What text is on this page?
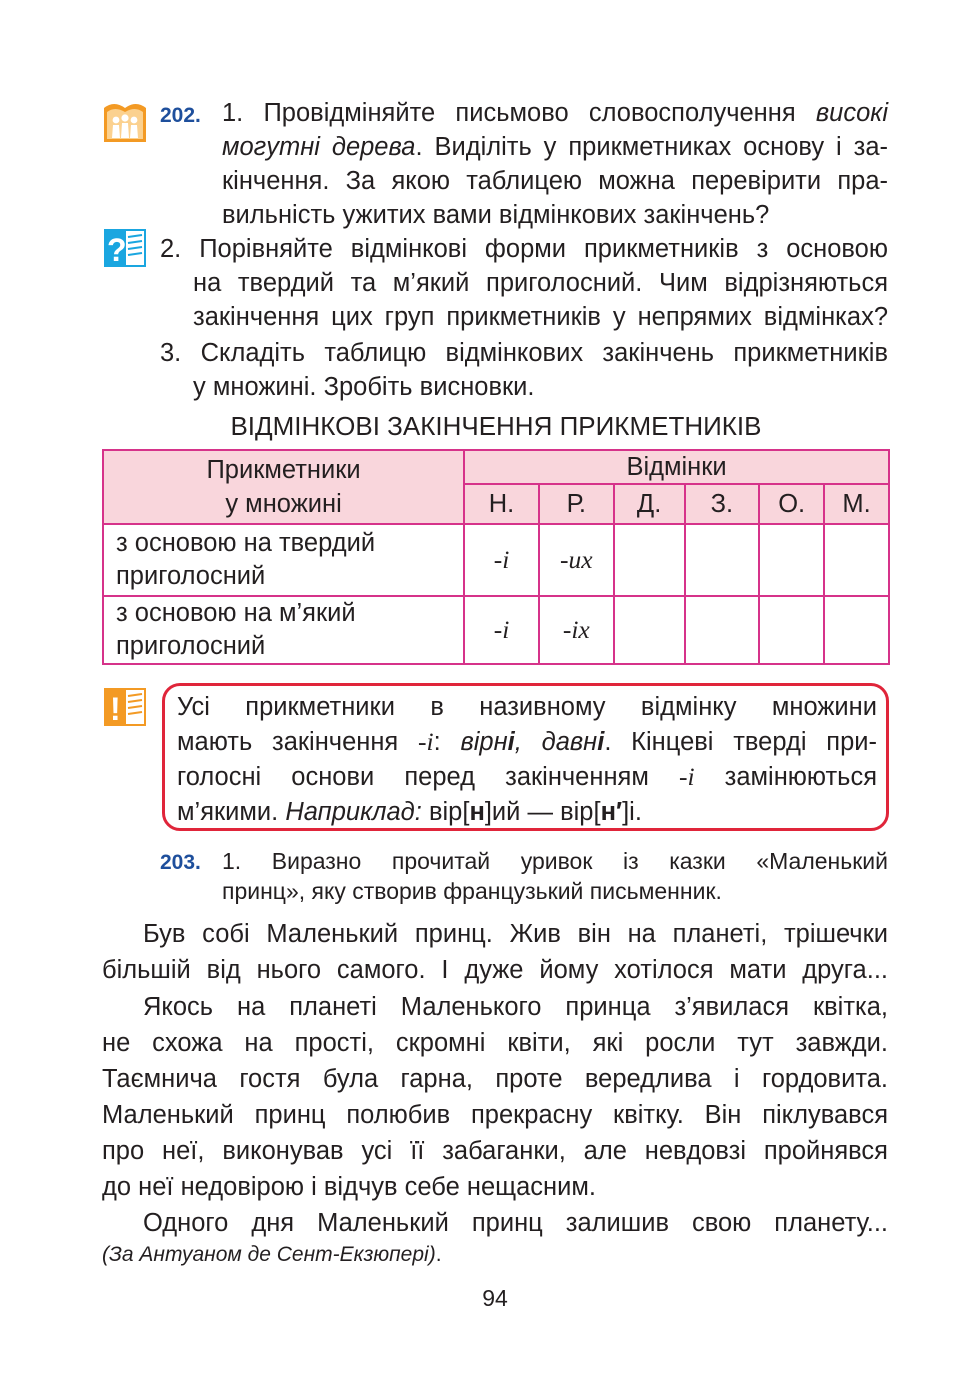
?
!
202. 1. Провідміняйте письмово словосполучення високі
могутні дерева. Виділіть у прикметниках основу і за-
кінчення. За якою таблицею можна перевірити пра-
вильність ужитих вами відмінкових закінчень?
2. Порівняйте відмінкові форми прикметників з основою
на твердий та м’який приголосний. Чим відрізняються
закінчення цих груп прикметників у непрямих відмінках?
3. Складіть таблицю відмінкових закінчень прикметників
у множині. Зробіть висновки.
ВІДМІНКОВІ ЗАКІНЧЕННЯ ПРИКМЕТНИКІВ
Прикметники
у множині	Відмінки					
	Н.	Р.	Д.	З.	О.	М.

з основою на твердий
приголосний	-і	-их				

з основою на м’який
приголосний	-і	-іх				
Усі прикметники в називному відмінку множини
мають закінчення -і: вірні, давні. Кінцеві тверді при-
голосні основи перед закінченням -і замінюються
м’якими. Наприклад: вір[н]ий — вір[н′]і.
203. 1. Виразно прочитай уривок із казки «Маленький
принц», яку створив французький письменник.
Був собі Маленький принц. Жив він на планеті, трішечки
більшій від нього самого. І дуже йому хотілося мати друга...
Якось на планеті Маленького принца з’явилася квітка,
не схожа на прості, скромні квіти, які росли тут завжди.
Таємнича гостя була гарна, проте вередлива і гордовита.
Маленький принц полюбив прекрасну квітку. Він піклувався
про неї, виконував усі її забаганки, але невдовзі пройнявся
до неї недовірою і відчув себе нещасним.
Одного дня Маленький принц залишив свою планету...
(За Антуаном де Сент-Екзюпері).
94
